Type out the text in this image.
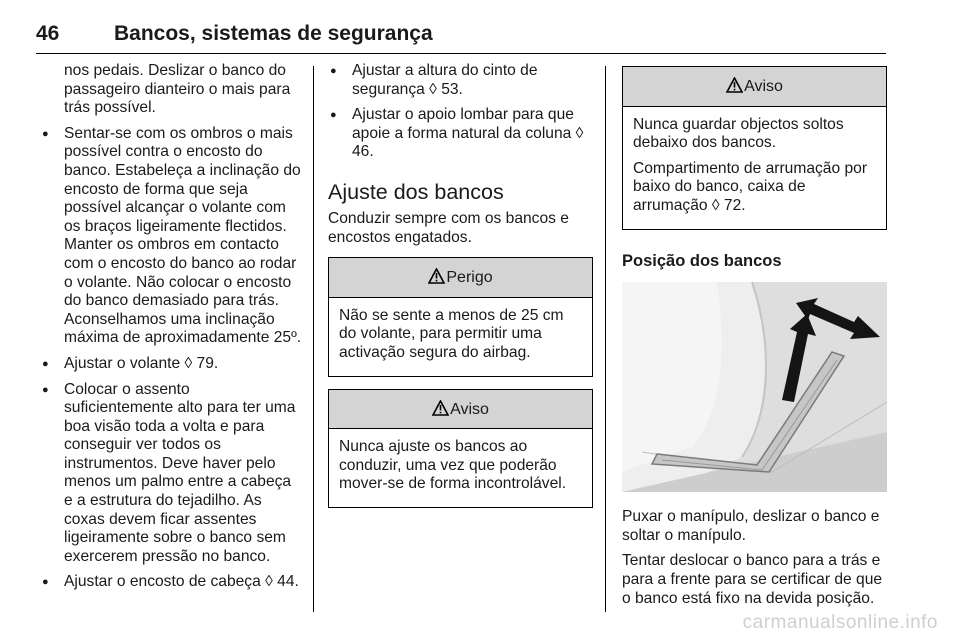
46	Bancos, sistemas de segurança

nos pedais. Deslizar o banco do passageiro dianteiro o mais para trás possível.

● Sentar-se com os ombros o mais possível contra o encosto do banco. Estabeleça a inclinação do encosto de forma que seja possível alcançar o volante com os braços ligeiramente flectidos. Manter os ombros em contacto com o encosto do banco ao rodar o volante. Não colocar o encosto do banco demasiado para trás. Aconselhamos uma inclinação máxima de aproximadamente 25º.
● Ajustar o volante ◊ 79.
● Colocar o assento suficientemente alto para ter uma boa visão toda a volta e para conseguir ver todos os instrumentos. Deve haver pelo menos um palmo entre a cabeça e a estrutura do tejadilho. As coxas devem ficar assentes ligeiramente sobre o banco sem exercerem pressão no banco.
● Ajustar o encosto de cabeça ◊ 44.
● Ajustar a altura do cinto de segurança ◊ 53.
● Ajustar o apoio lombar para que apoie a forma natural da coluna ◊ 46.
Ajuste dos bancos

Conduzir sempre com os bancos e encostos engatados.

Perigo

Não se sente a menos de 25 cm do volante, para permitir uma activação segura do airbag.

Aviso

Nunca ajuste os bancos ao conduzir, uma vez que poderão mover-se de forma incontrolável.

Aviso

Nunca guardar objectos soltos debaixo dos bancos.

Compartimento de arrumação por baixo do banco, caixa de arrumação ◊ 72.

Posição dos bancos

Puxar o manípulo, deslizar o banco e soltar o manípulo.

Tentar deslocar o banco para a trás e para a frente para se certificar de que o banco está fixo na devida posição.

carmanualsonline.info
